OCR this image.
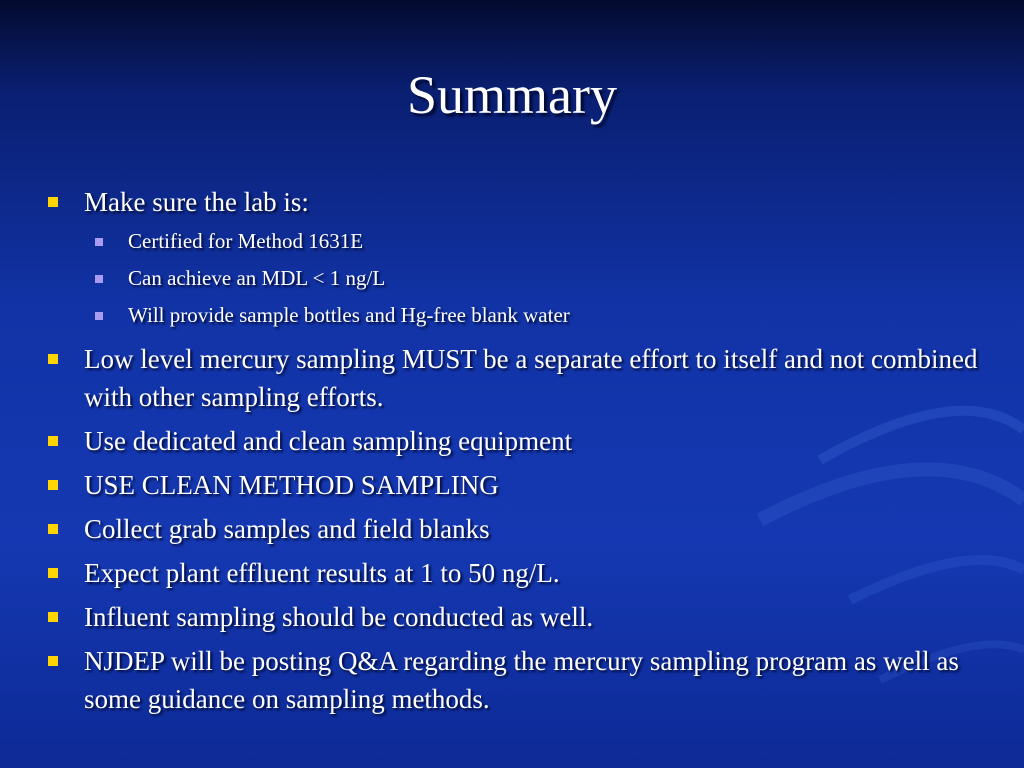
Summary
Make sure the lab is:
Certified for Method 1631E
Can achieve an MDL < 1 ng/L
Will provide sample bottles and Hg-free blank water
Low level mercury sampling MUST be a separate effort to itself and not combined with other sampling efforts.
Use dedicated and clean sampling equipment
USE CLEAN METHOD SAMPLING
Collect grab samples and field blanks
Expect plant effluent results at 1 to 50 ng/L.
Influent sampling should be conducted as well.
NJDEP will be posting Q&A regarding the mercury sampling program as well as some guidance on sampling methods.
